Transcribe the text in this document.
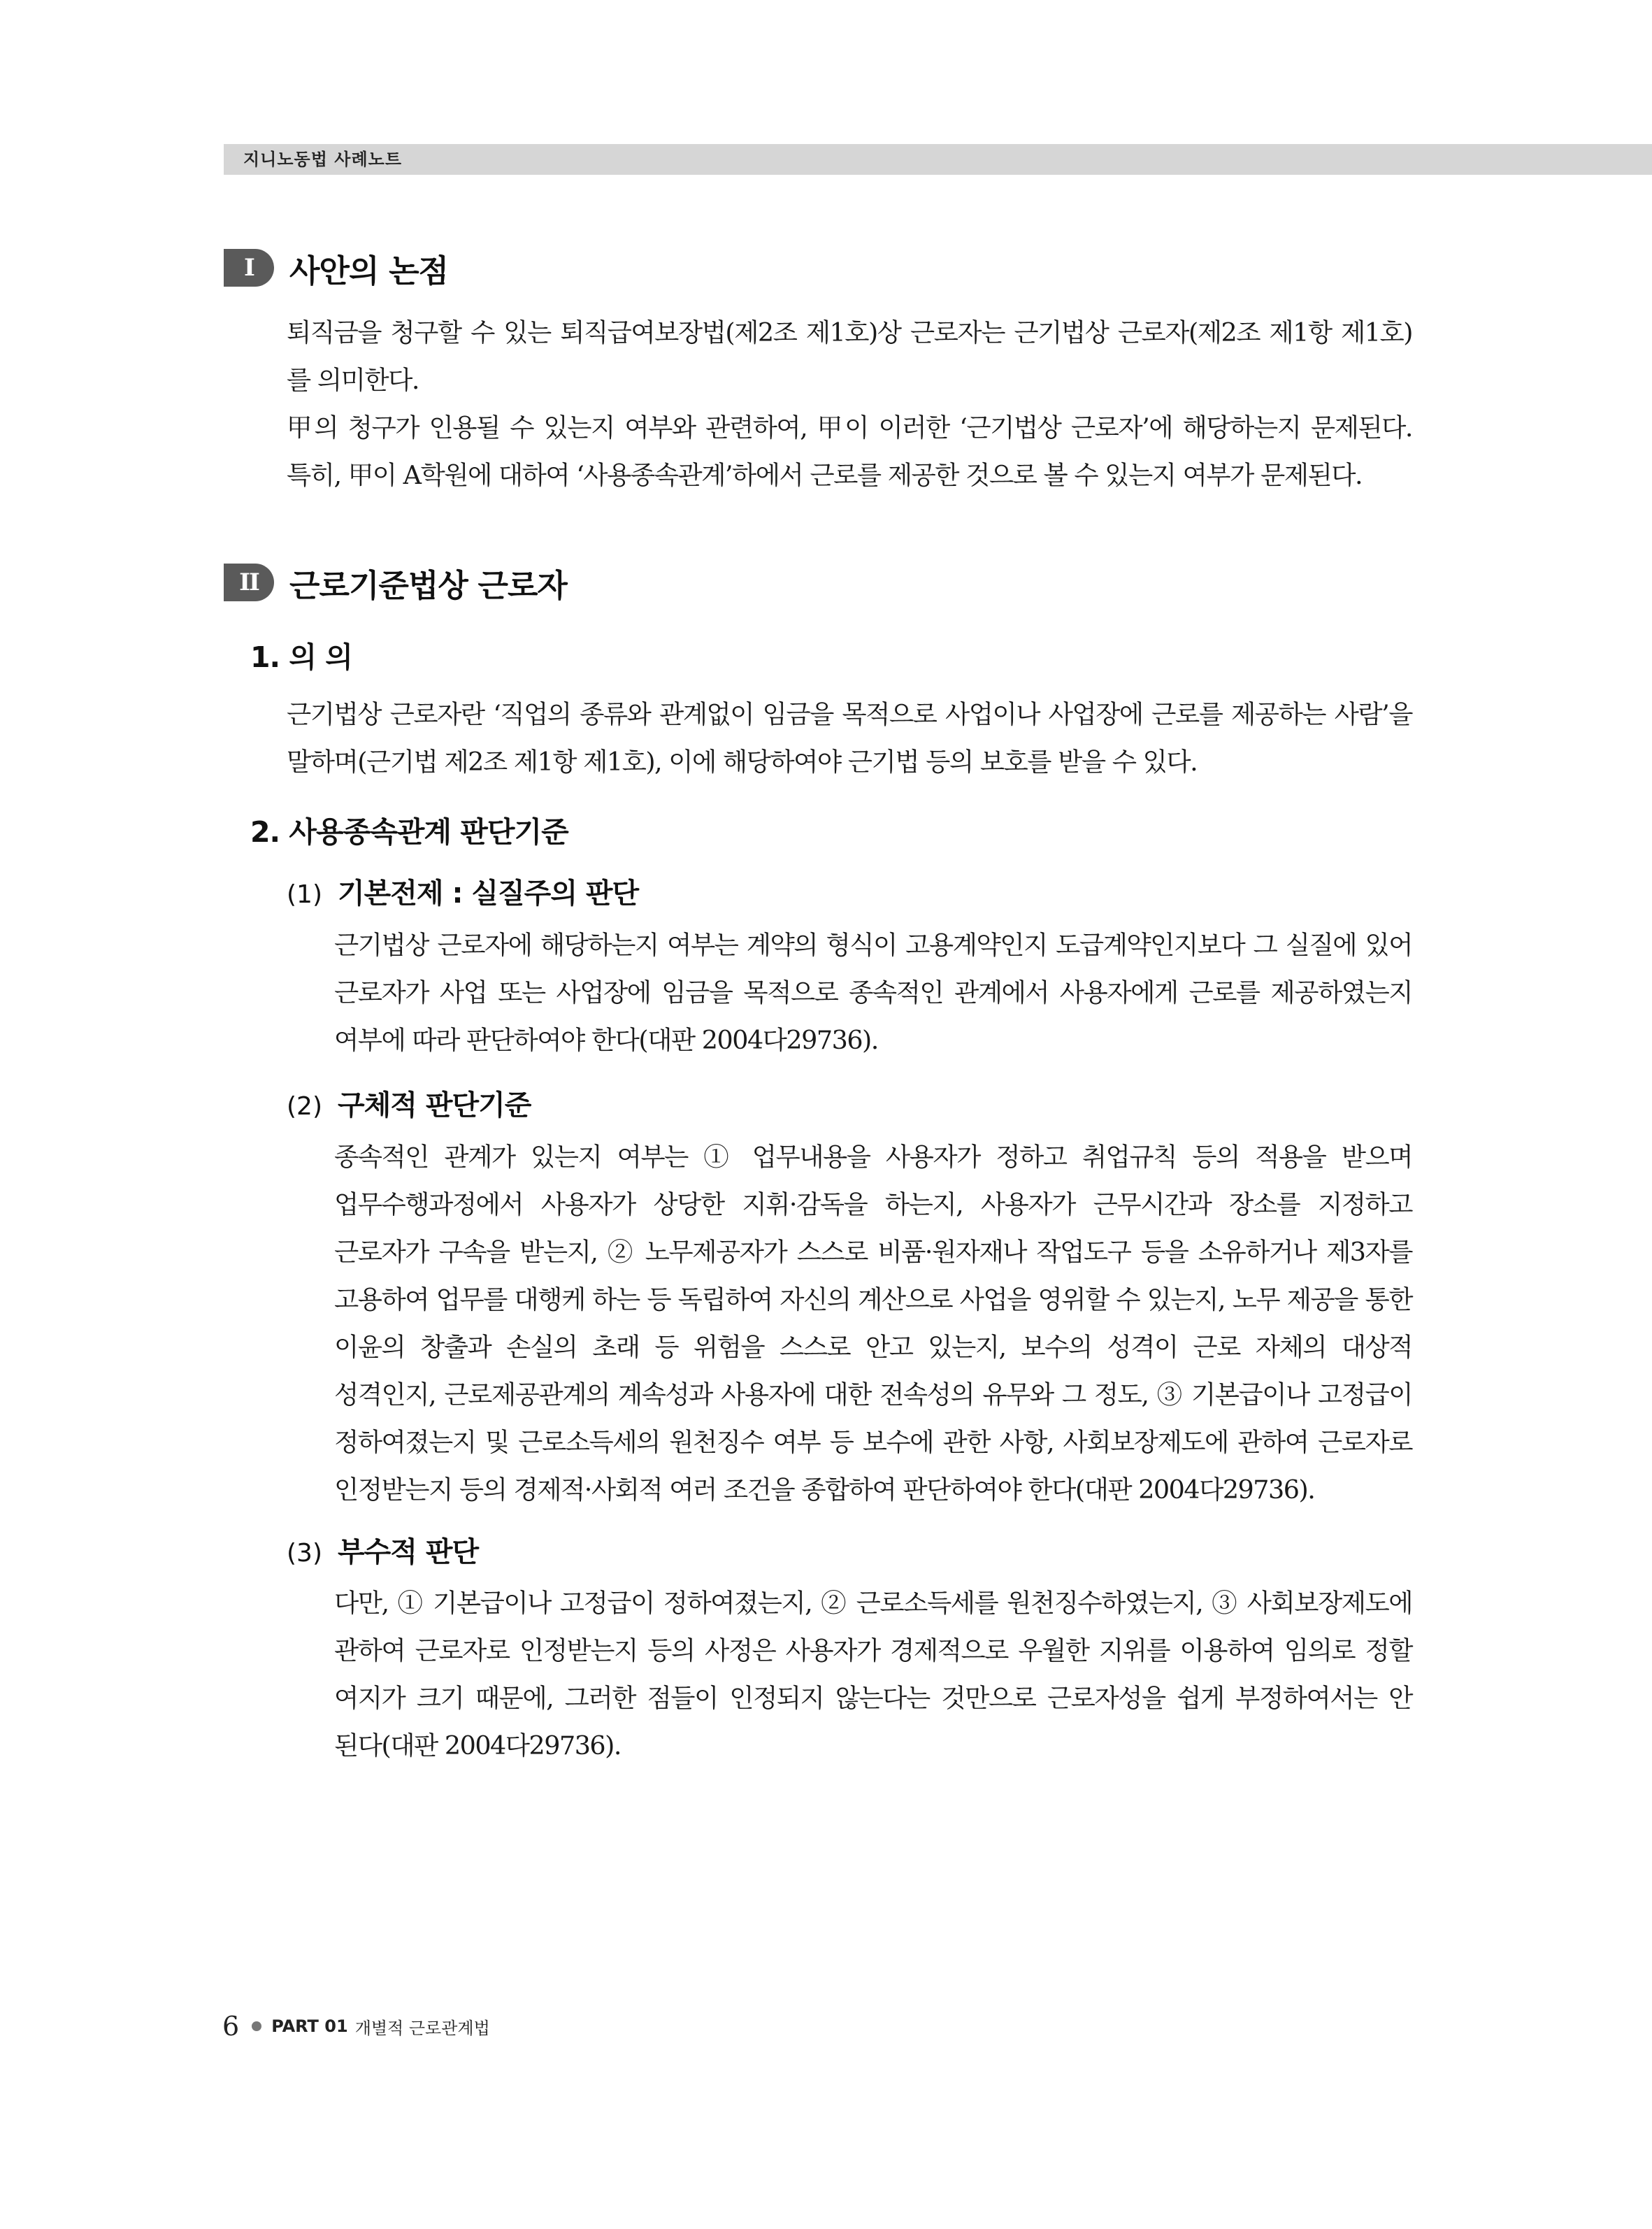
지니노동법 사례노트
I	사안의 논점

퇴직금을 청구할 수 있는 퇴직급여보장법(제2조 제1호)상 근로자는 근기법상 근로자(제2조 제1항 제1호)를 의미한다.

甲의 청구가 인용될 수 있는지 여부와 관련하여, 甲이 이러한 ‘근기법상 근로자’에 해당하는지 문제된다. 특히, 甲이 A학원에 대하여 ‘사용종속관계’하에서 근로를 제공한 것으로 볼 수 있는지 여부가 문제된다.

II 근로기준법상 근로자
1. 의 의

근기법상 근로자란 ‘직업의 종류와 관계없이 임금을 목적으로 사업이나 사업장에 근로를 제공하는 사람’을 말하며(근기법 제2조 제1항 제1호), 이에 해당하여야 근기법 등의 보호를 받을 수 있다.

2. 사용종속관계 판단기준
(1) 기본전제 : 실질주의 판단

근기법상 근로자에 해당하는지 여부는 계약의 형식이 고용계약인지 도급계약인지보다 그 실질에 있어 근로자가 사업 또는 사업장에 임금을 목적으로 종속적인 관계에서 사용자에게 근로를 제공하였는지 여부에 따라 판단하여야 한다(대판 2004다29736).

(2) 구체적 판단기준

종속적인 관계가 있는지 여부는 ① 업무내용을 사용자가 정하고 취업규칙 등의 적용을 받으며 업무수행과정에서 사용자가 상당한 지휘·감독을 하는지, 사용자가 근무시간과 장소를 지정하고 근로자가 구속을 받는지, ② 노무제공자가 스스로 비품·원자재나 작업도구 등을 소유하거나 제3자를 고용하여 업무를 대행케 하는 등 독립하여 자신의 계산으로 사업을 영위할 수 있는지, 노무 제공을 통한 이윤의 창출과 손실의 초래 등 위험을 스스로 안고 있는지, 보수의 성격이 근로 자체의 대상적 성격인지, 근로제공관계의 계속성과 사용자에 대한 전속성의 유무와 그 정도, ③ 기본급이나 고정급이 정하여졌는지 및 근로소득세의 원천징수 여부 등 보수에 관한 사항, 사회보장제도에 관하여 근로자로 인정받는지 등의 경제적·사회적 여러 조건을 종합하여 판단하여야 한다(대판 2004다29736).

(3) 부수적 판단

다만, ① 기본급이나 고정급이 정하여졌는지, ② 근로소득세를 원천징수하였는지, ③ 사회보장제도에 관하여 근로자로 인정받는지 등의 사정은 사용자가 경제적으로 우월한 지위를 이용하여 임의로 정할 여지가 크기 때문에, 그러한 점들이 인정되지 않는다는 것만으로 근로자성을 쉽게 부정하여서는 안 된다(대판 2004다29736).

6 PART 01 개별적 근로관계법
